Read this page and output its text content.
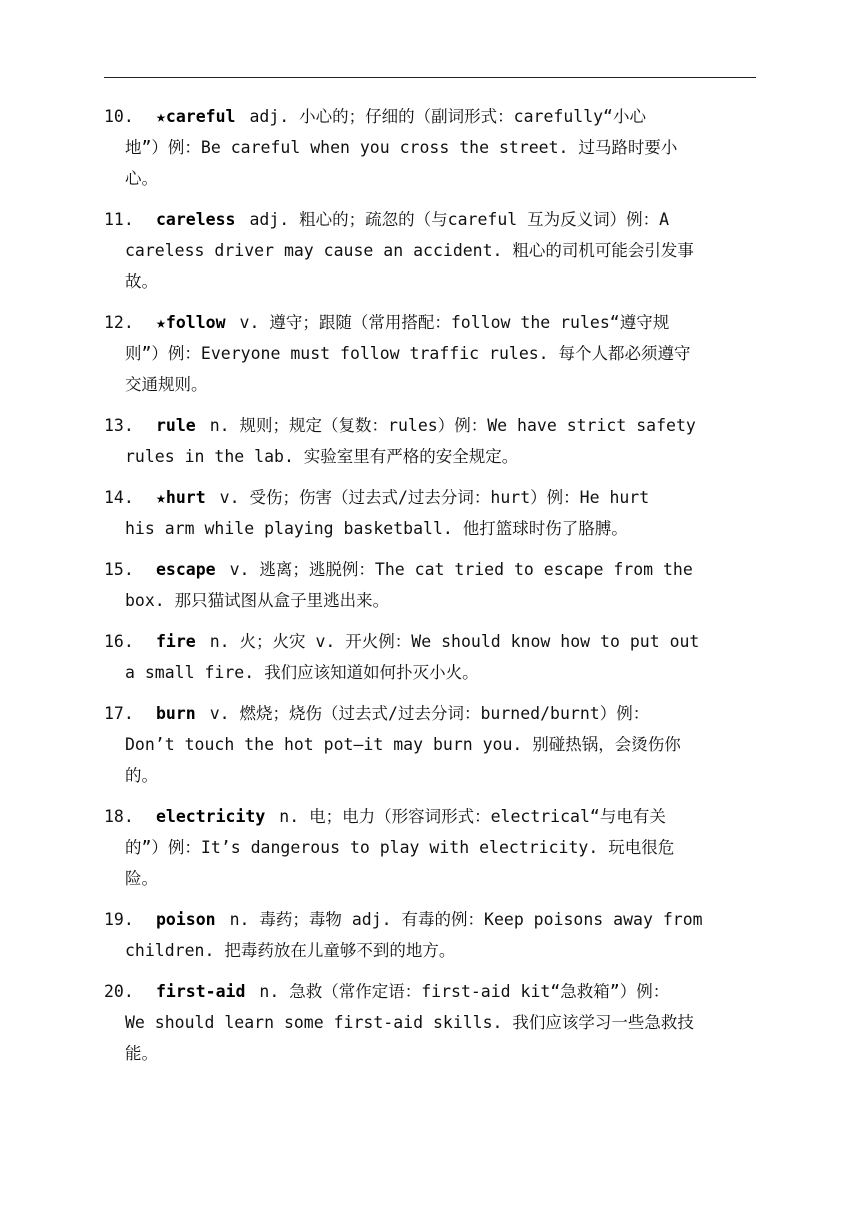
10.	★careful adj. 小心的；仔细的（副词形式：carefully“小心
地”）例：Be careful when you cross the street. 过马路时要小
心。
11.	careless adj. 粗心的；疏忽的（与careful 互为反义词）例：A
careless driver may cause an accident. 粗心的司机可能会引发事
故。
12.	★follow v. 遵守；跟随（常用搭配：follow the rules“遵守规
则”）例：Everyone must follow traffic rules. 每个人都必须遵守
交通规则。
13.	rule n. 规则；规定（复数：rules）例：We have strict safety
rules in the lab. 实验室里有严格的安全规定。
14.	★hurt v. 受伤；伤害（过去式/过去分词：hurt）例：He hurt
his arm while playing basketball. 他打篮球时伤了胳膊。
15.	escape v. 逃离；逃脱例：The cat tried to escape from the
box. 那只猫试图从盒子里逃出来。
16.	fire n. 火；火灾 v. 开火例：We should know how to put out
a small fire. 我们应该知道如何扑灭小火。
17.	burn v. 燃烧；烧伤（过去式/过去分词：burned/burnt）例：
Don’t touch the hot pot—it may burn you. 别碰热锅，会烫伤你
的。
18.	electricity n. 电；电力（形容词形式：electrical“与电有关
的”）例：It’s dangerous to play with electricity. 玩电很危
险。
19.	poison n. 毒药；毒物 adj. 有毒的例：Keep poisons away from
children. 把毒药放在儿童够不到的地方。
20.	first-aid n. 急救（常作定语：first-aid kit“急救箱”）例：
We should learn some first-aid skills. 我们应该学习一些急救技
能。
